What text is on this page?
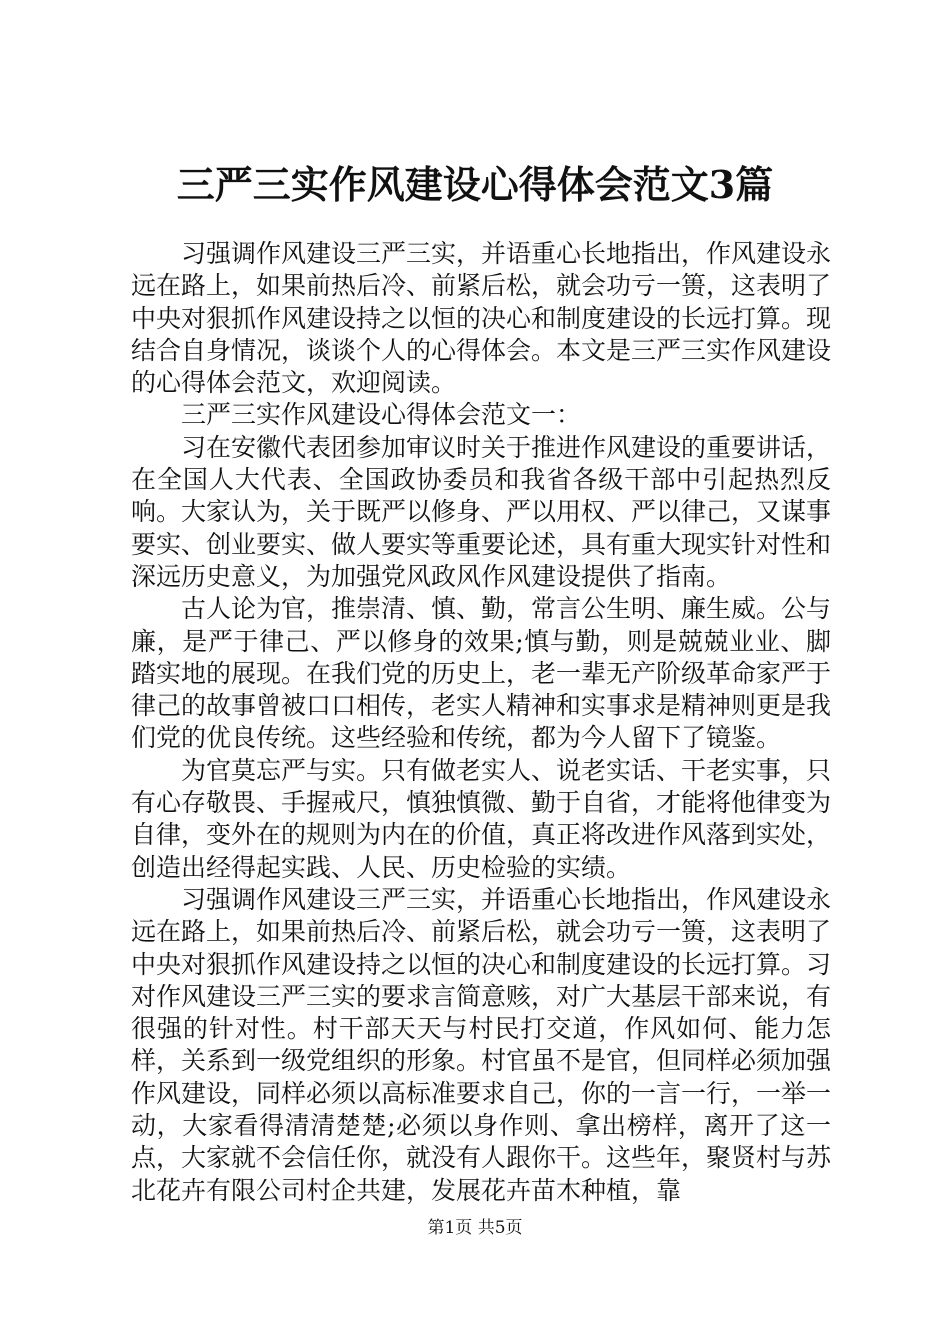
三严三实作风建设心得体会范文3篇

习强调作风建设三严三实，并语重心长地指出，作风建设永远在路上，如果前热后冷、前紧后松，就会功亏一篑，这表明了中央对狠抓作风建设持之以恒的决心和制度建设的长远打算。现结合自身情况，谈谈个人的心得体会。本文是三严三实作风建设的心得体会范文，欢迎阅读。

三严三实作风建设心得体会范文一：

习在安徽代表团参加审议时关于推进作风建设的重要讲话，在全国人大代表、全国政协委员和我省各级干部中引起热烈反响。大家认为，关于既严以修身、严以用权、严以律己，又谋事要实、创业要实、做人要实等重要论述，具有重大现实针对性和深远历史意义，为加强党风政风作风建设提供了指南。

古人论为官，推崇清、慎、勤，常言公生明、廉生威。公与廉，是严于律己、严以修身的效果;慎与勤，则是兢兢业业、脚踏实地的展现。在我们党的历史上，老一辈无产阶级革命家严于律己的故事曾被口口相传，老实人精神和实事求是精神则更是我们党的优良传统。这些经验和传统，都为今人留下了镜鉴。

为官莫忘严与实。只有做老实人、说老实话、干老实事，只有心存敬畏、手握戒尺，慎独慎微、勤于自省，才能将他律变为自律，变外在的规则为内在的价值，真正将改进作风落到实处，创造出经得起实践、人民、历史检验的实绩。

习强调作风建设三严三实，并语重心长地指出，作风建设永远在路上，如果前热后冷、前紧后松，就会功亏一篑，这表明了中央对狠抓作风建设持之以恒的决心和制度建设的长远打算。习对作风建设三严三实的要求言简意赅，对广大基层干部来说，有很强的针对性。村干部天天与村民打交道，作风如何、能力怎样，关系到一级党组织的形象。村官虽不是官，但同样必须加强作风建设，同样必须以高标准要求自己，你的一言一行，一举一动，大家看得清清楚楚;必须以身作则、拿出榜样，离开了这一点，大家就不会信任你，就没有人跟你干。这些年，聚贤村与苏北花卉有限公司村企共建，发展花卉苗木种植，靠

第1页 共5页
